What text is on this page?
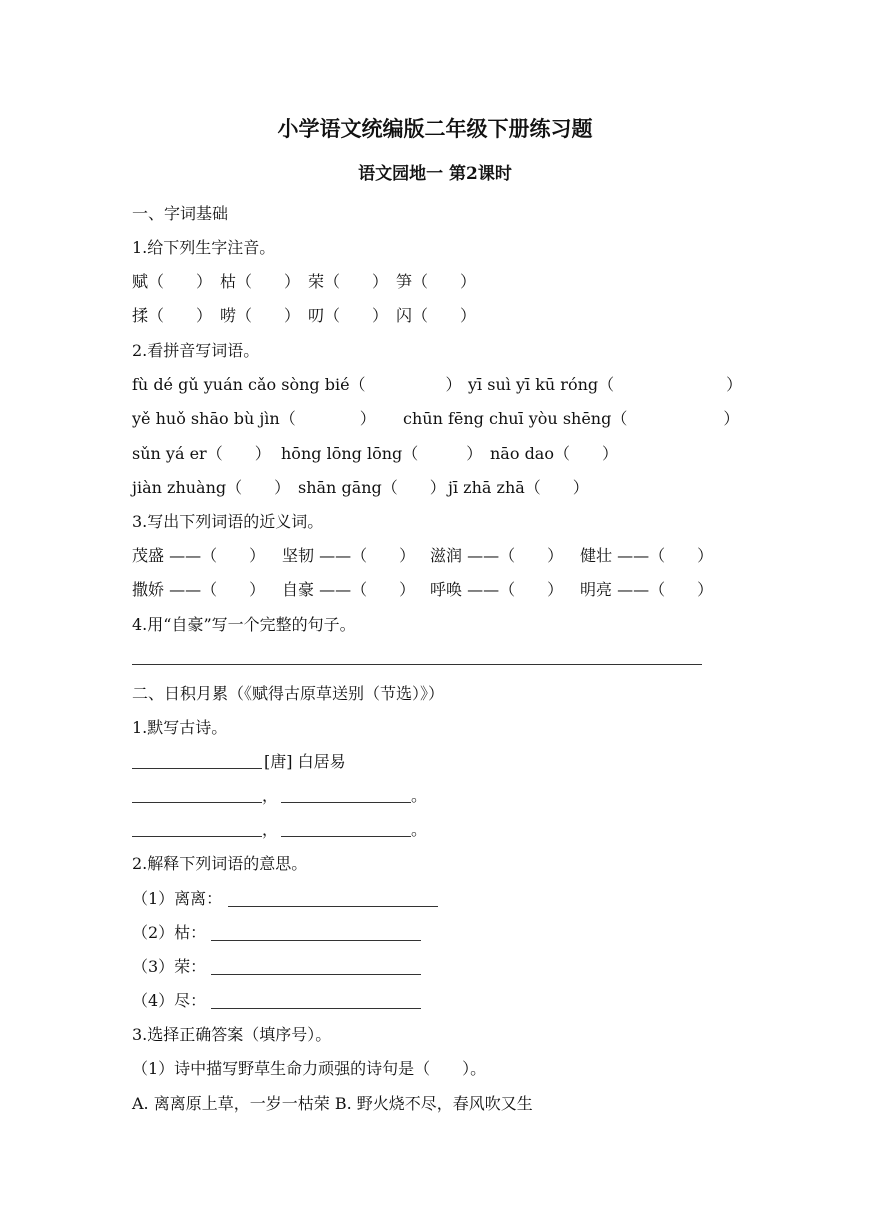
小学语文统编版二年级下册练习题
语文园地一 第2课时
一、字词基础
1.给下列生字注音。

赋（　　）

枯（　　）

荣（　　）

笋（　　）

揉（　　）

唠（　　）

叨（　　）

闪（　　）

2.看拼音写词语。

fù dé gǔ yuán cǎo sòng bié（　　　　　）

yī suì yī kū róng（　　　　　　　）

yě huǒ shāo bù jìn（　　　　）

chūn fēng chuī yòu shēng（　　　　　　）

sǔn yá er（　　）

hōng lōng lōng（　　　）

nāo dao（　　）

jiàn zhuàng（　　）

shān gāng（　　）

jī zhā zhā（　　）

3.写出下列词语的近义词。

茂盛 ——（　　）

坚韧 ——（　　）

滋润 ——（　　）

健壮 ——（　　）

撒娇 ——（　　）

自豪 ——（　　）

呼唤 ——（　　）

明亮 ——（　　）

4.用“自豪”写一个完整的句子。
二、日积月累（《赋得古原草送别（节选）》）
1.默写古诗。
[唐] 白居易
，	。
，	。
2.解释下列词语的意思。
（1）离离：
（2）枯：
（3）荣：
（4）尽：
3.选择正确答案（填序号）。
（1）诗中描写野草生命力顽强的诗句是（　　）。
A. 离离原上草，一岁一枯荣 B. 野火烧不尽，春风吹又生
